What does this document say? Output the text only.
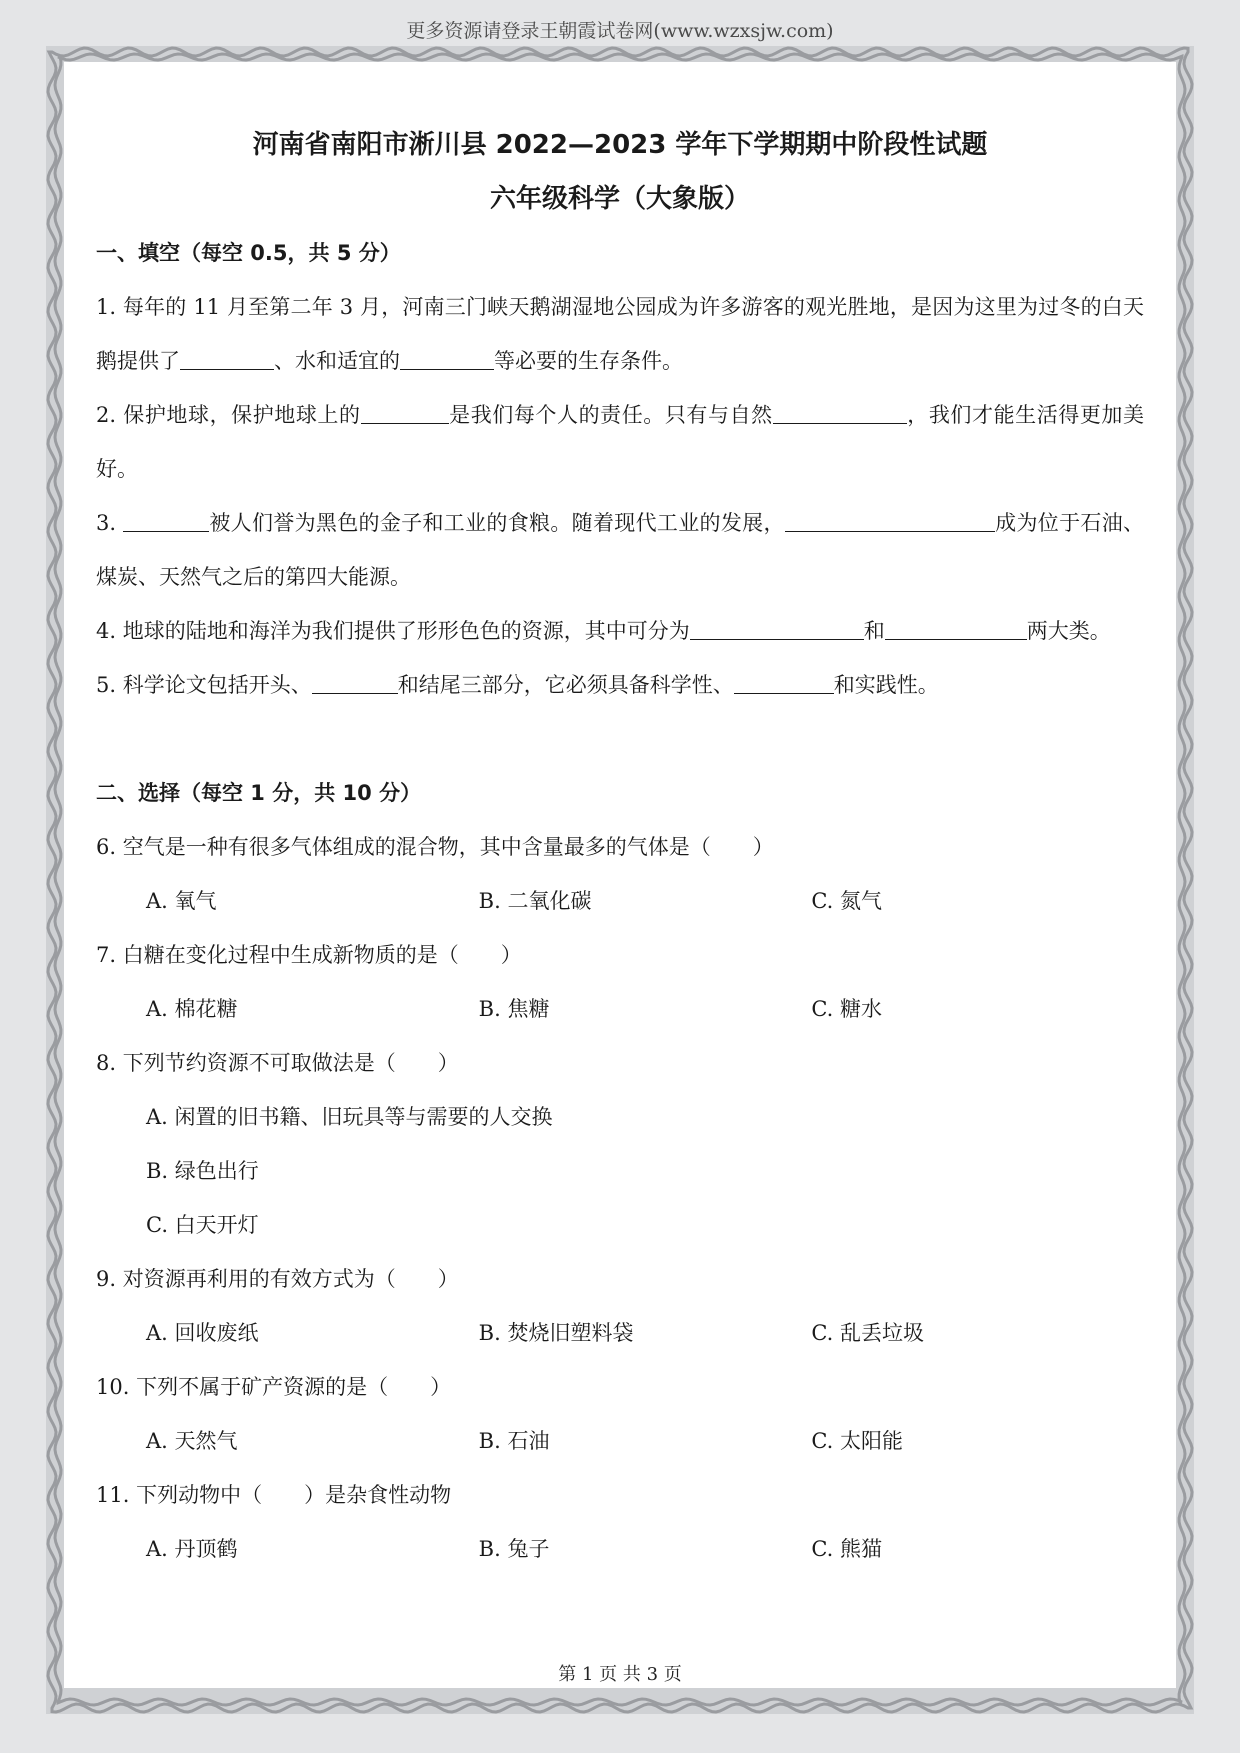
更多资源请登录王朝霞试卷网(www.wzxsjw.com)
河南省南阳市淅川县 2022—2023 学年下学期期中阶段性试题
六年级科学（大象版）

一、填空（每空 0.5，共 5 分）

1. 每年的 11 月至第二年 3 月，河南三门峡天鹅湖湿地公园成为许多游客的观光胜地，是因为这里为过冬的白天鹅提供了	、水和适宜的	等必要的生存条件。

2. 保护地球，保护地球上的	是我们每个人的责任。只有与自然	，我们才能生活得更加美好。

3.	被人们誉为黑色的金子和工业的食粮。随着现代工业的发展，	成为位于石油、煤炭、天然气之后的第四大能源。

4. 地球的陆地和海洋为我们提供了形形色色的资源，其中可分为	和	两大类。

5. 科学论文包括开头、	和结尾三部分，它必须具备科学性、	和实践性。

二、选择（每空 1 分，共 10 分）

6. 空气是一种有很多气体组成的混合物，其中含量最多的气体是（　　）

A. 氧气	B. 二氧化碳	C. 氮气

7. 白糖在变化过程中生成新物质的是（　　）

A. 棉花糖	B. 焦糖	C. 糖水

8. 下列节约资源不可取做法是（　　）

A. 闲置的旧书籍、旧玩具等与需要的人交换
B. 绿色出行
C. 白天开灯

9. 对资源再利用的有效方式为（　　）

A. 回收废纸	B. 焚烧旧塑料袋	C. 乱丢垃圾

10. 下列不属于矿产资源的是（　　）

A. 天然气	B. 石油	C. 太阳能

11. 下列动物中（　　）是杂食性动物

A. 丹顶鹤	B. 兔子	C. 熊猫
第 1 页 共 3 页
